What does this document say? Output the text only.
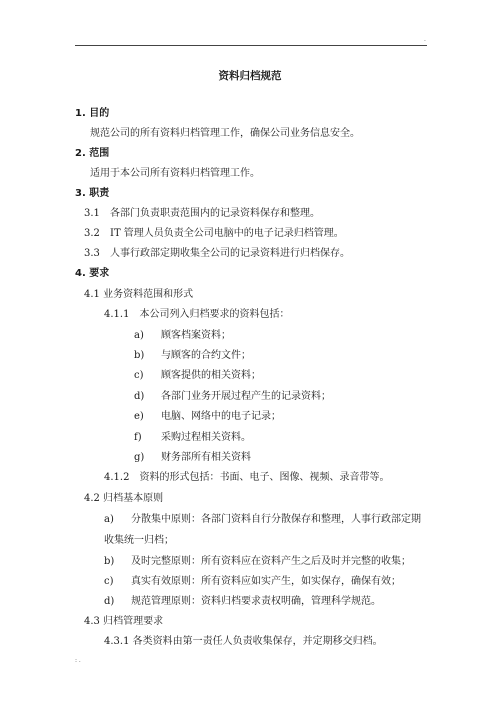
.
资料归档规范
1. 目的
规范公司的所有资料归档管理工作，确保公司业务信息安全。
2. 范围
适用于本公司所有资料归档管理工作。
3. 职责
3.1 各部门负责职责范围内的记录资料保存和整理。
3.2 IT 管理人员负责全公司电脑中的电子记录归档管理。
3.3 人事行政部定期收集全公司的记录资料进行归档保存。
4. 要求
4.1 业务资料范围和形式
4.1.1　本公司列入归档要求的资料包括：
a) 顾客档案资料；
b) 与顾客的合约文件；
c) 顾客提供的相关资料；
d) 各部门业务开展过程产生的记录资料；
e) 电脑、网络中的电子记录；
f) 采购过程相关资料。
g) 财务部所有相关资料
4.1.2　资料的形式包括：书面、电子、图像、视频、录音带等。
4.2 归档基本原则
a) 分散集中原则：各部门资料自行分散保存和整理，人事行政部定期
收集统一归档；
b) 及时完整原则：所有资料应在资料产生之后及时并完整的收集；
c) 真实有效原则：所有资料应如实产生，如实保存，确保有效；
d) 规范管理原则：资料归档要求责权明确，管理科学规范。
4.3 归档管理要求
4.3.1 各类资料由第一责任人负责收集保存，并定期移交归档。
: .
